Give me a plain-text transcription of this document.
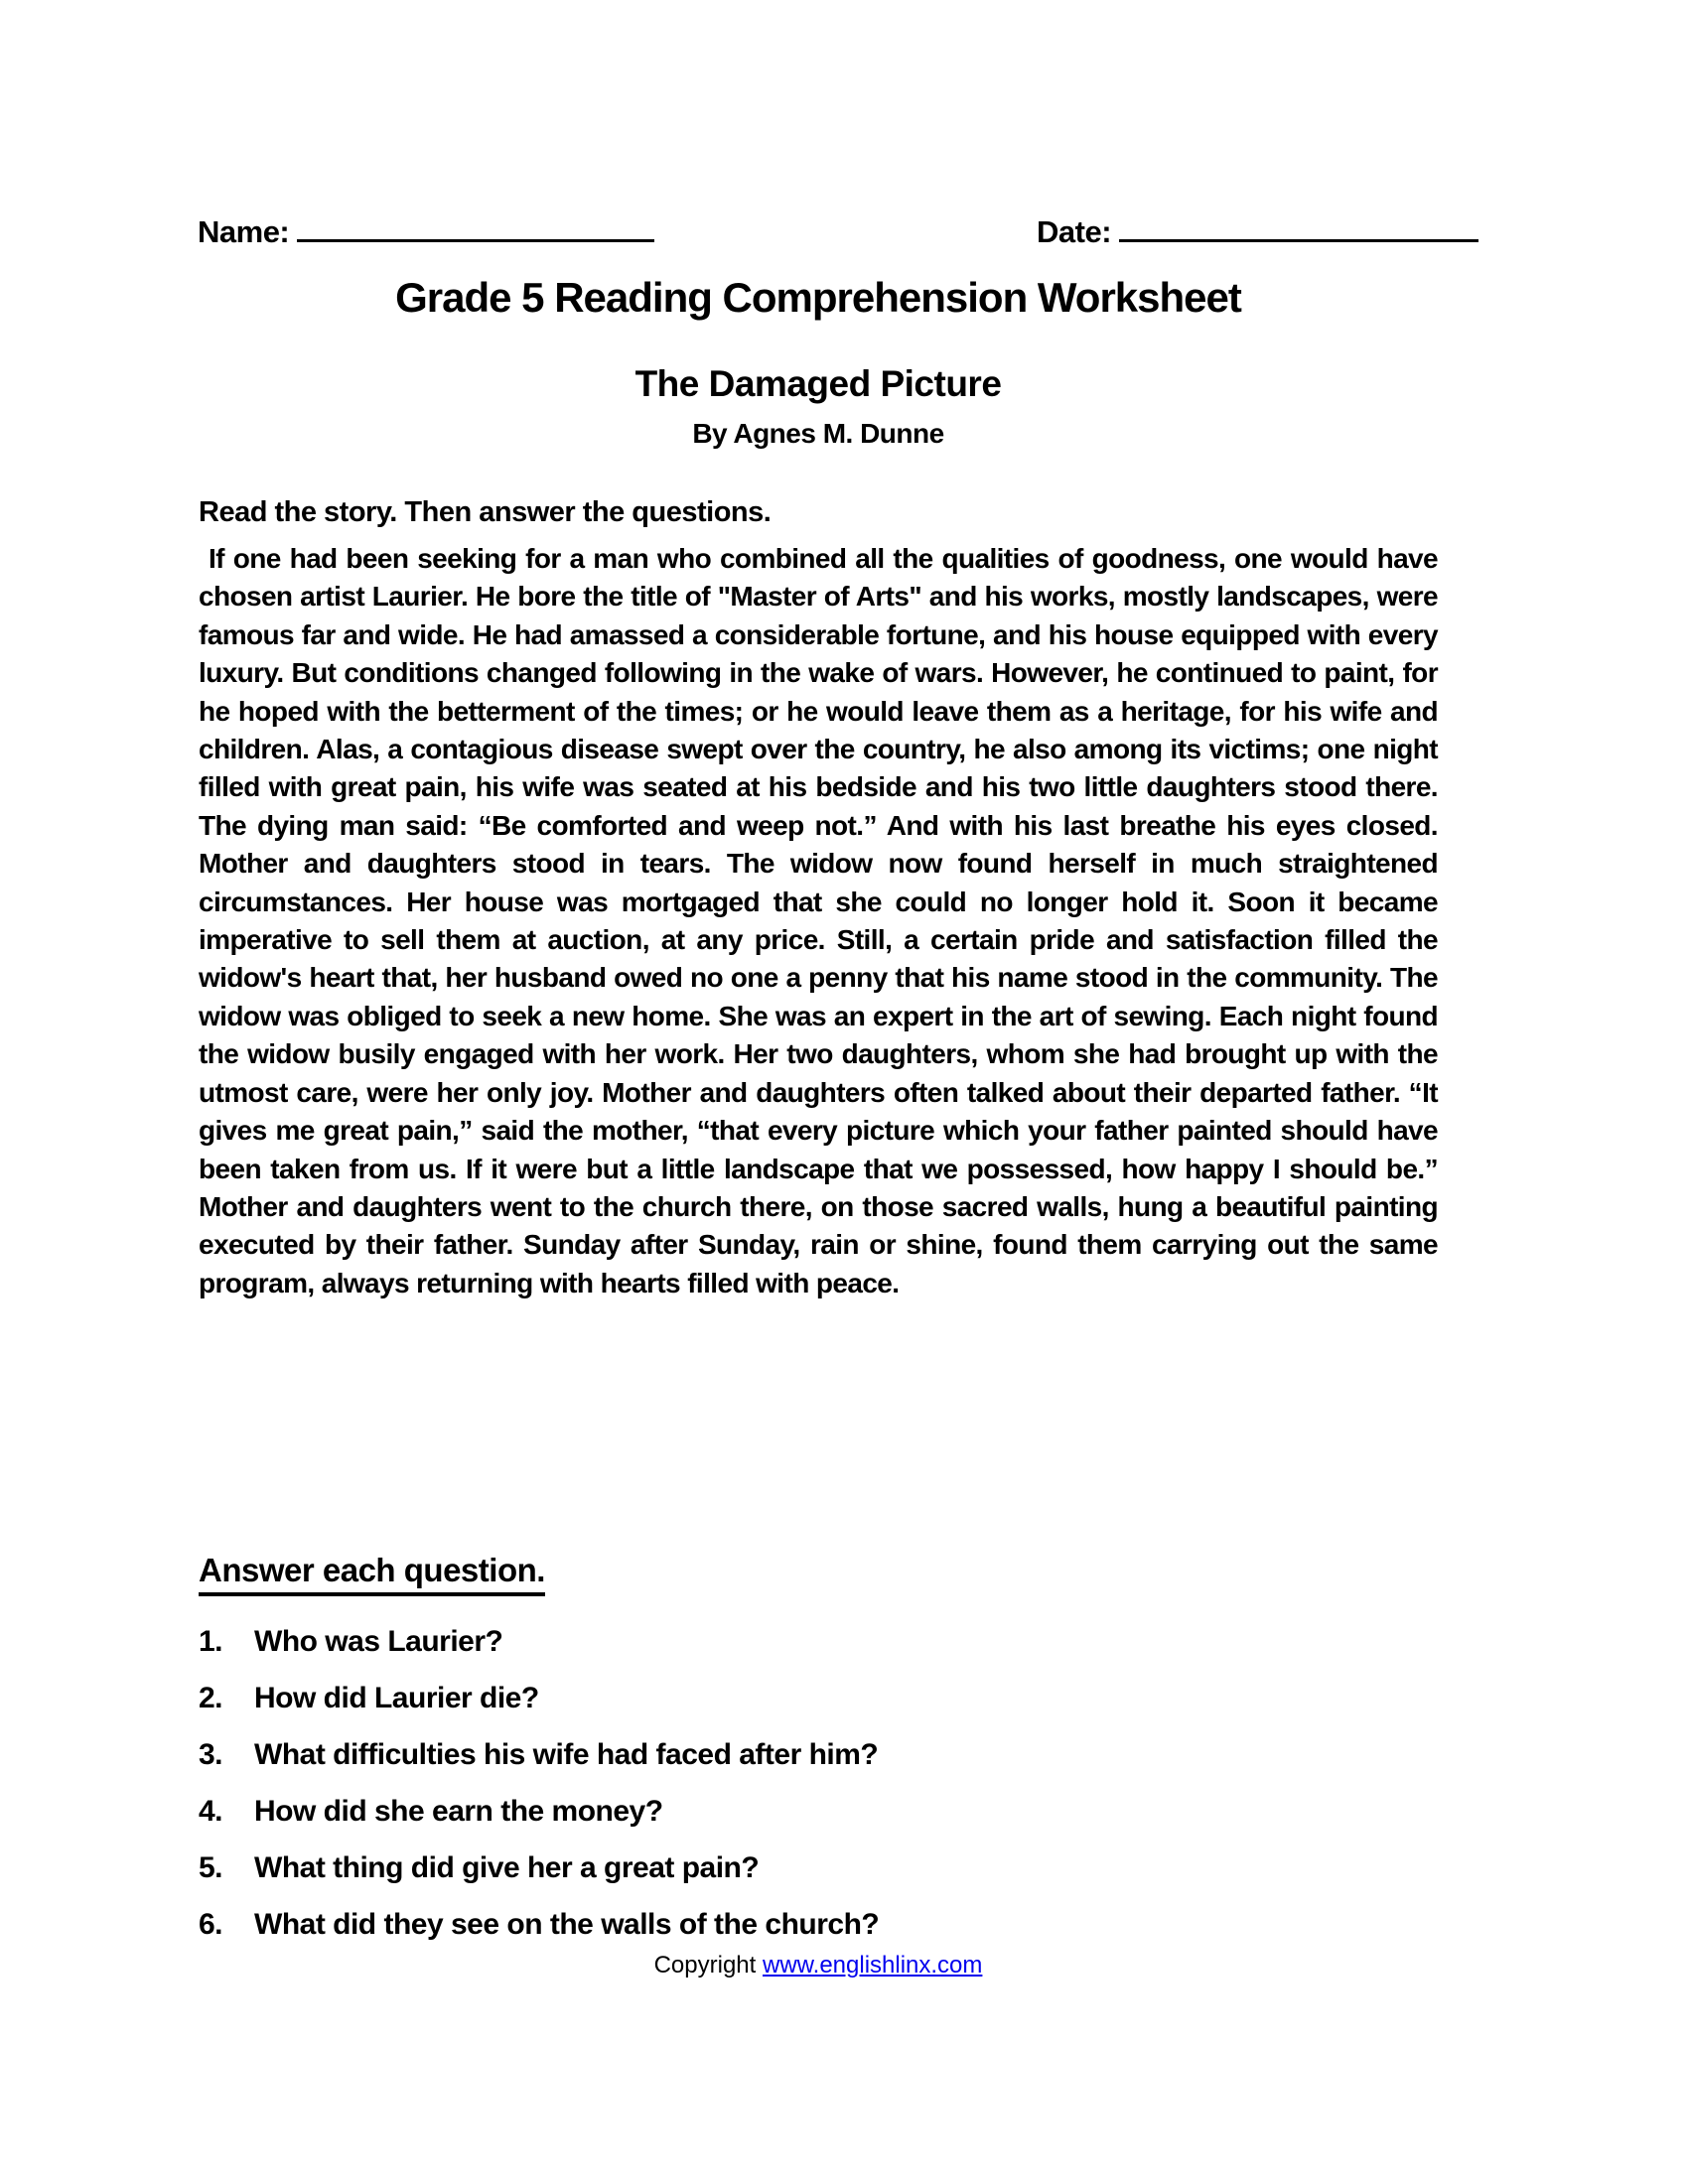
Name:	Date:
Grade 5 Reading Comprehension Worksheet
The Damaged Picture
By Agnes M. Dunne
Read the story. Then answer the questions.
If one had been seeking for a man who combined all the qualities of goodness, one would have chosen artist Laurier. He bore the title of "Master of Arts" and his works, mostly landscapes, were famous far and wide. He had amassed a considerable fortune, and his house equipped with every luxury. But conditions changed following in the wake of wars. However, he continued to paint, for he hoped with the betterment of the times; or he would leave them as a heritage, for his wife and children. Alas, a contagious disease swept over the country, he also among its victims; one night filled with great pain, his wife was seated at his bedside and his two little daughters stood there. The dying man said: “Be comforted and weep not.” And with his last breathe his eyes closed. Mother and daughters stood in tears. The widow now found herself in much straightened circumstances. Her house was mortgaged that she could no longer hold it. Soon it became imperative to sell them at auction, at any price. Still, a certain pride and satisfaction filled the widow's heart that, her husband owed no one a penny that his name stood in the community. The widow was obliged to seek a new home. She was an expert in the art of sewing. Each night found the widow busily engaged with her work. Her two daughters, whom she had brought up with the utmost care, were her only joy. Mother and daughters often talked about their departed father. “It gives me great pain,” said the mother, “that every picture which your father painted should have been taken from us. If it were but a little landscape that we possessed, how happy I should be.” Mother and daughters went to the church there, on those sacred walls, hung a beautiful painting executed by their father. Sunday after Sunday, rain or shine, found them carrying out the same program, always returning with hearts filled with peace.
Answer each question.
1.	Who was Laurier?
2.	How did Laurier die?
3.	What difficulties his wife had faced after him?
4.	How did she earn the money?
5.	What thing did give her a great pain?
6.	What did they see on the walls of the church?
Copyright www.englishlinx.com
